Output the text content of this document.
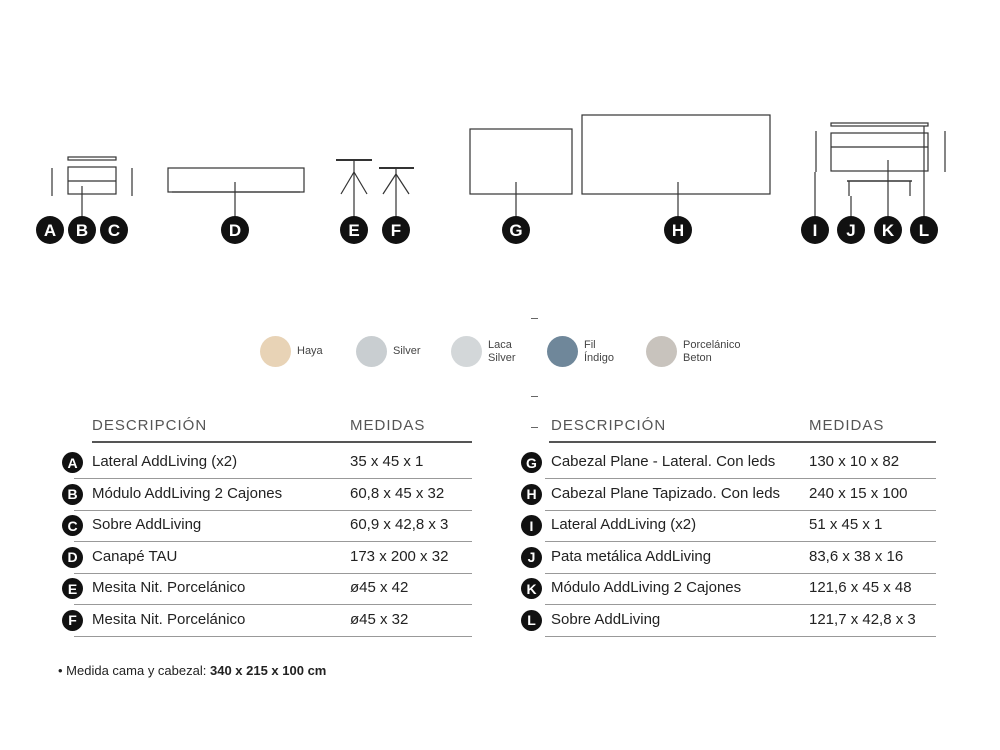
A B C	D	E F	G	H	I J K L
Haya	Silver
Laca
Silver
Fil
Índigo
Porcelánico
Beton
DESCRIPCIÓN	MEDIDAS
A Lateral AddLiving (x2)	35 x 45 x 1
B Módulo AddLiving 2 Cajones	60,8 x 45 x 32
C Sobre AddLiving	60,9 x 42,8 x 3
D Canapé TAU	173 x 200 x 32
E Mesita Nit. Porcelánico	ø45 x 42
F	Mesita Nit. Porcelánico	ø45 x 32
DESCRIPCIÓN	MEDIDAS
G Cabezal Plane - Lateral. Con leds 130 x 10 x 82
H Cabezal Plane Tapizado. Con leds 240 x 15 x 100
I	Lateral AddLiving (x2)	51 x 45 x 1
J	Pata metálica AddLiving	83,6 x 38 x 16
K Módulo AddLiving 2 Cajones	121,6 x 45 x 48
L	Sobre AddLiving	121,7 x 42,8 x 3
• Medida cama y cabezal: 340 x 215 x 100 cm
